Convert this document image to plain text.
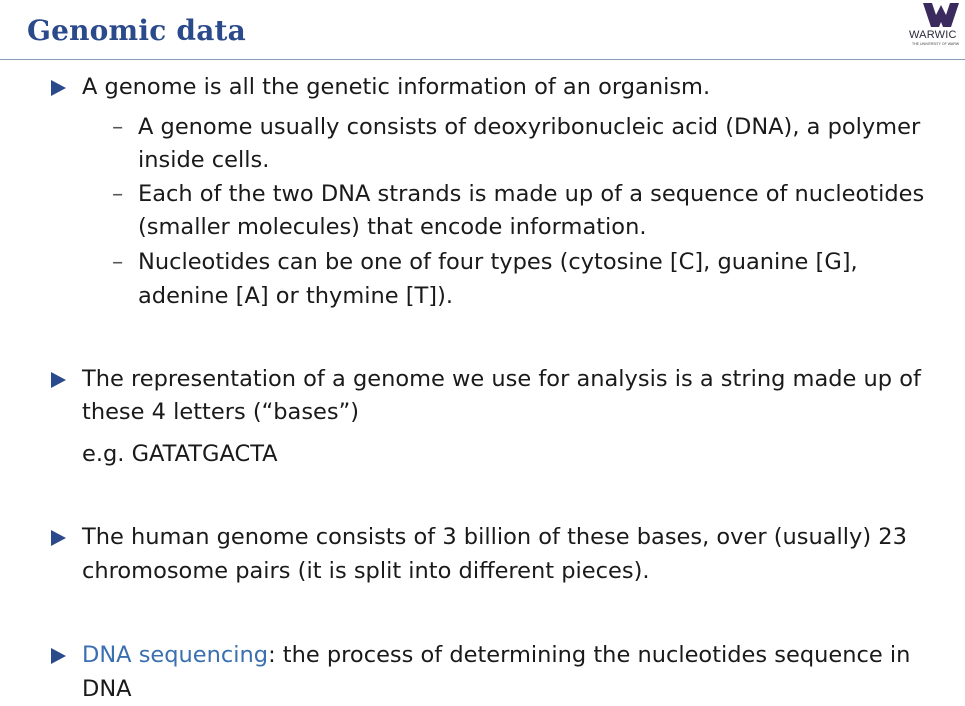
Genomic data	WARWIC
THE UNIVERSITY OF WARW
A genome is all the genetic information of an organism.
– A genome usually consists of deoxyribonucleic acid (DNA), a polymer
inside cells.
– Each of the two DNA strands is made up of a sequence of nucleotides
(smaller molecules) that encode information.
– Nucleotides can be one of four types (cytosine [C], guanine [G],
adenine [A] or thymine [T]).
The representation of a genome we use for analysis is a string made up of
these 4 letters (“bases”)
e.g. GATATGACTA
The human genome consists of 3 billion of these bases, over (usually) 23
chromosome pairs (it is split into different pieces).
DNA sequencing: the process of determining the nucleotides sequence in
DNA
